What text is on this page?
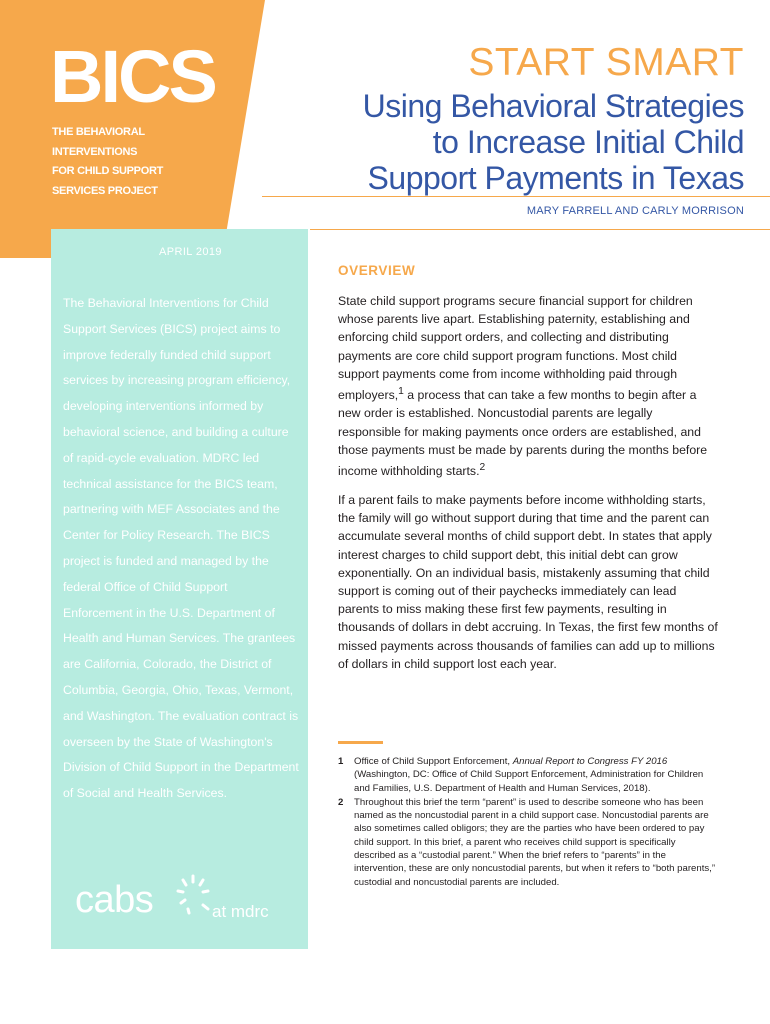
BICS
THE BEHAVIORAL
INTERVENTIONS
FOR CHILD SUPPORT
SERVICES PROJECT

START SMART

Using Behavioral Strategies
to Increase Initial Child
Support Payments in Texas
MARY FARRELL AND CARLY MORRISON
APRIL 2019

The Behavioral Interventions for Child Support Services (BICS) project aims to improve federally funded child support services by increasing program efficiency, developing interventions informed by behavioral science, and building a culture of rapid-cycle evaluation. MDRC led technical assistance for the BICS team, partnering with MEF Associates and the Center for Policy Research. The BICS project is funded and managed by the federal Office of Child Support Enforcement in the U.S. Department of Health and Human Services. The grantees are California, Colorado, the District of Columbia, Georgia, Ohio, Texas, Vermont, and Washington. The evaluation contract is overseen by the State of Washington's Division of Child Support in the Department of Social and Health Services.

cabs	at mdrc
OVERVIEW

State child support programs secure financial support for children whose parents live apart. Establishing paternity, establishing and enforcing child support orders, and collecting and distributing payments are core child support program functions. Most child support payments come from income withholding paid through employers,$^1$ a process that can take a few months to begin after a new order is established. Noncustodial parents are legally responsible for making payments once orders are established, and those payments must be made by parents during the months before income withholding starts.$^2$

If a parent fails to make payments before income withholding starts, the family will go without support during that time and the parent can accumulate several months of child support debt. In states that apply interest charges to child support debt, this initial debt can grow exponentially. On an individual basis, mistakenly assuming that child support is coming out of their paychecks immediately can lead parents to miss making these first few payments, resulting in thousands of dollars in debt accruing. In Texas, the first few months of missed payments across thousands of families can add up to millions of dollars in child support lost each year.

1 Office of Child Support Enforcement, Annual Report to Congress FY 2016 (Washington, DC: Office of Child Support Enforcement, Administration for Children and Families, U.S. Department of Health and Human Services, 2018).

2 Throughout this brief the term “parent” is used to describe someone who has been named as the noncustodial parent in a child support case. Noncustodial parents are also sometimes called obligors; they are the parties who have been ordered to pay child support. In this brief, a parent who receives child support is specifically described as a “custodial parent.” When the brief refers to “parents” in the intervention, these are only noncustodial parents, but when it refers to “both parents,” custodial and noncustodial parents are included.
